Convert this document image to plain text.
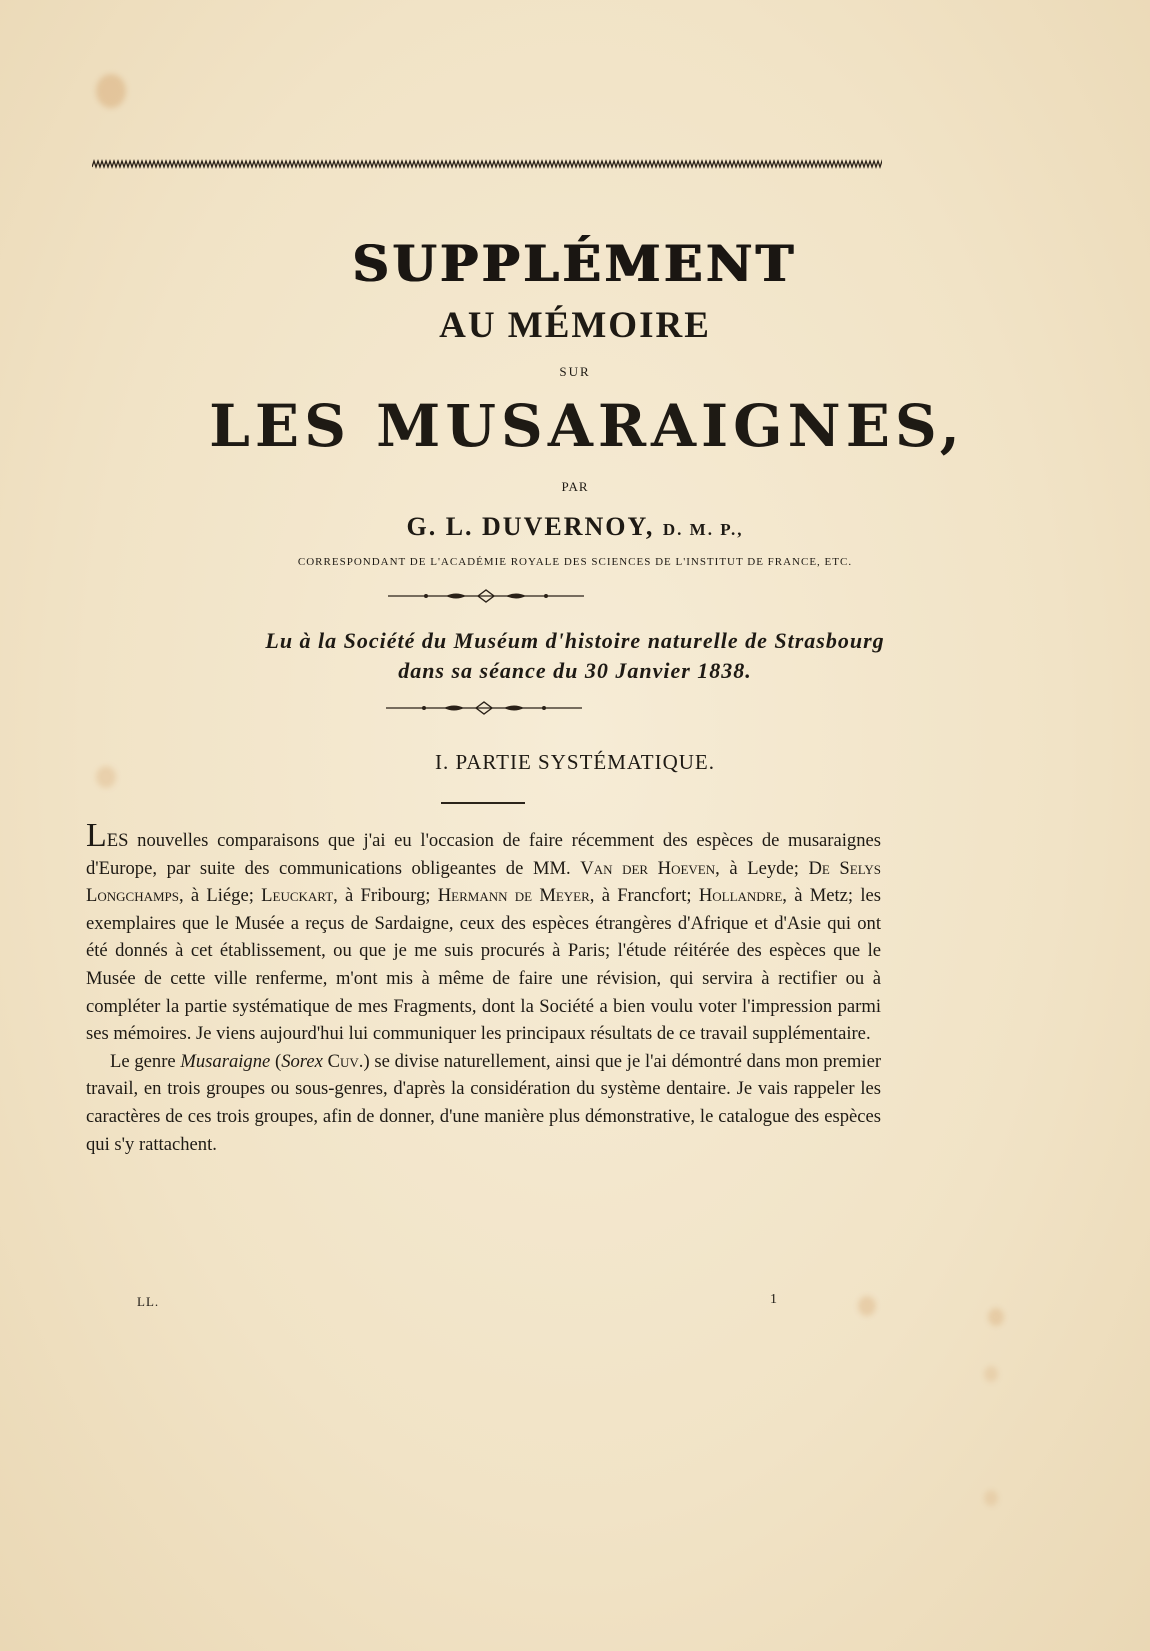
SUPPLÉMENT
AU MÉMOIRE
SUR
LES MUSARAIGNES,
PAR
G. L. DUVERNOY, D. M. P.,
CORRESPONDANT DE L'ACADÉMIE ROYALE DES SCIENCES DE L'INSTITUT DE FRANCE, ETC.
Lu à la Société du Muséum d'histoire naturelle de Strasbourg
dans sa séance du 30 Janvier 1838.
I. PARTIE SYSTÉMATIQUE.

LES nouvelles comparaisons que j'ai eu l'occasion de faire récemment des espèces de musaraignes d'Europe, par suite des communications obligeantes de MM. Van der Hoeven, à Leyde; De Selys Longchamps, à Liége; Leuckart, à Fribourg; Hermann de Meyer, à Francfort; Hollandre, à Metz; les exemplaires que le Musée a reçus de Sardaigne, ceux des espèces étrangères d'Afrique et d'Asie qui ont été donnés à cet établissement, ou que je me suis procurés à Paris; l'étude réitérée des espèces que le Musée de cette ville renferme, m'ont mis à même de faire une révision, qui servira à rectifier ou à compléter la partie systématique de mes Fragments, dont la Société a bien voulu voter l'impression parmi ses mémoires. Je viens aujourd'hui lui communiquer les principaux résultats de ce travail supplémentaire.

Le genre Musaraigne (Sorex Cuv.) se divise naturellement, ainsi que je l'ai démontré dans mon premier travail, en trois groupes ou sous-genres, d'après la considération du système dentaire. Je vais rappeler les caractères de ces trois groupes, afin de donner, d'une manière plus démonstrative, le catalogue des espèces qui s'y rattachent.

LL.	1
